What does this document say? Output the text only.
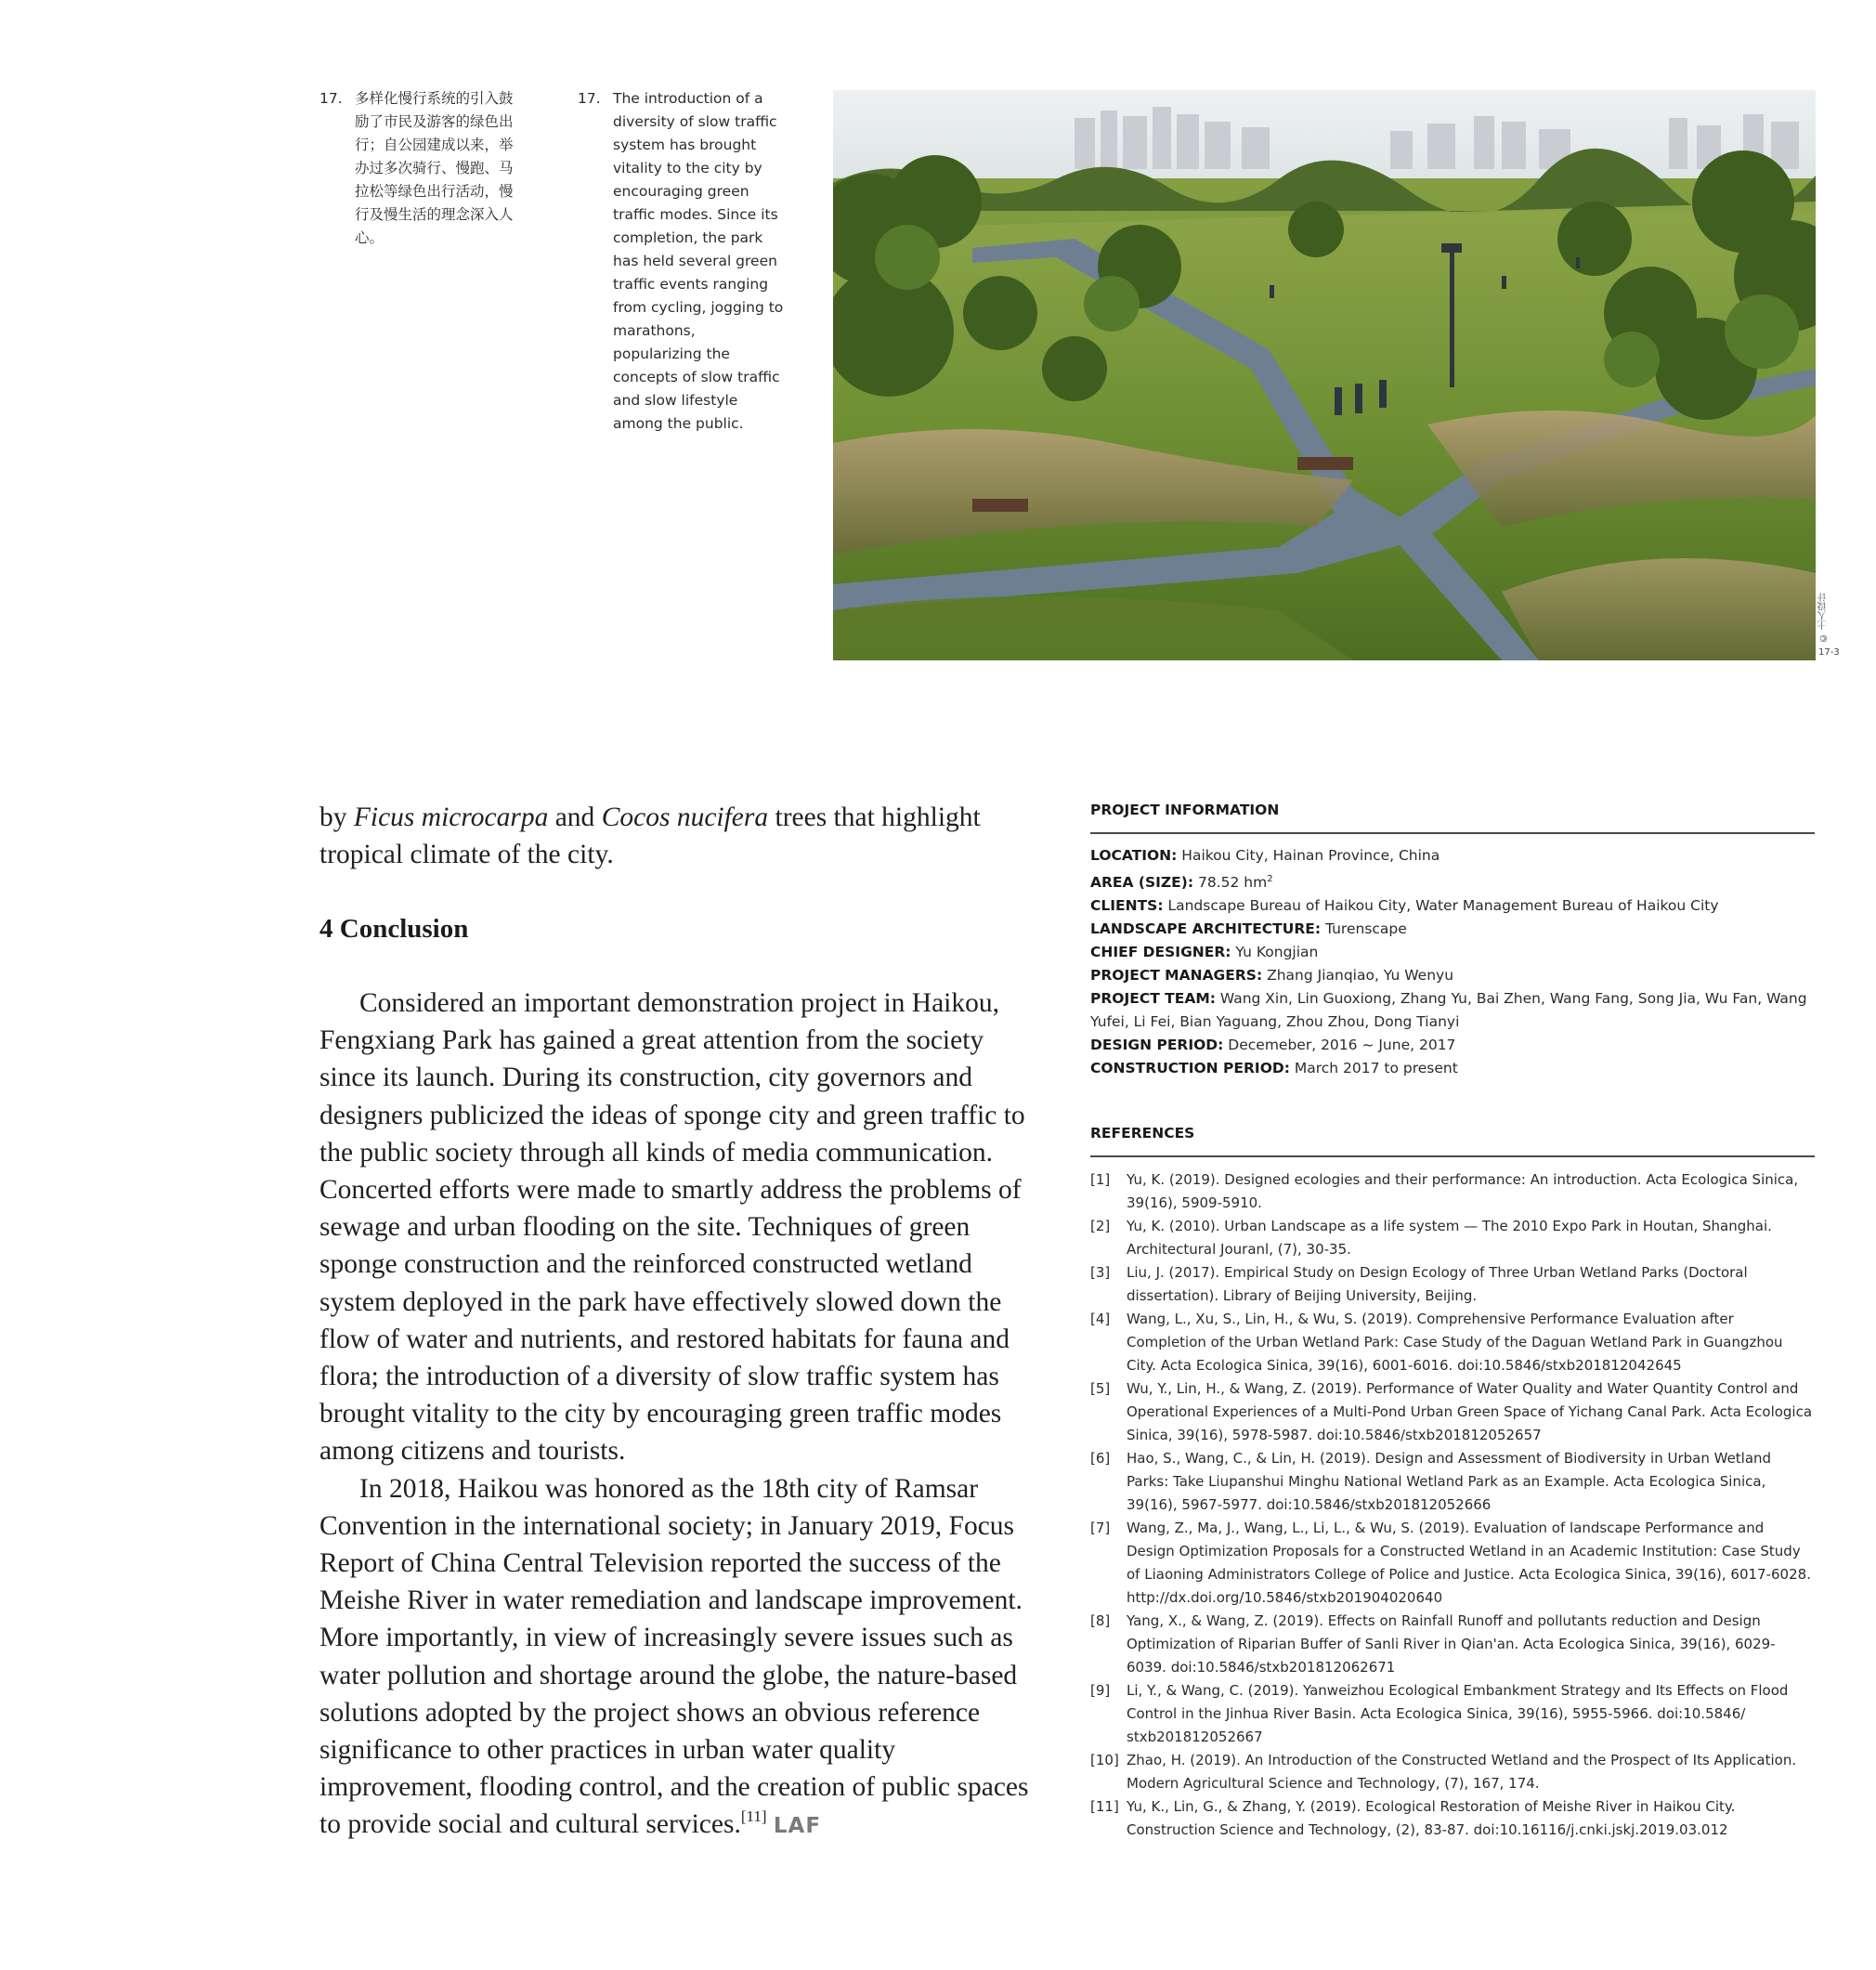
17. 多样化慢行系统的引入鼓励了市民及游客的绿色出行；自公园建成以来，举办过多次骑行、慢跑、马拉松等绿色出行活动，慢行及慢生活的理念深入人心。
17. The introduction of a diversity of slow traffic system has brought vitality to the city by encouraging green traffic modes. Since its completion, the park has held several green traffic events ranging from cycling, jogging to marathons, popularizing the concepts of slow traffic and slow lifestyle among the public.
© 土人设计
17-3

by Ficus microcarpa and Cocos nucifera trees that highlight tropical climate of the city.

4 Conclusion

Considered an important demonstration project in Haikou, Fengxiang Park has gained a great attention from the society since its launch. During its construction, city governors and designers publicized the ideas of sponge city and green traffic to the public society through all kinds of media communication. Concerted efforts were made to smartly address the problems of sewage and urban flooding on the site. Techniques of green sponge construction and the reinforced constructed wetland system deployed in the park have effectively slowed down the flow of water and nutrients, and restored habitats for fauna and flora; the introduction of a diversity of slow traffic system has brought vitality to the city by encouraging green traffic modes among citizens and tourists.

In 2018, Haikou was honored as the 18th city of Ramsar Convention in the international society; in January 2019, Focus Report of China Central Television reported the success of the Meishe River in water remediation and landscape improvement. More importantly, in view of increasingly severe issues such as water pollution and shortage around the globe, the nature-based solutions adopted by the project shows an obvious reference significance to other practices in urban water quality improvement, flooding control, and the creation of public spaces to provide social and cultural services.[11] LAF

PROJECT INFORMATION
LOCATION: Haikou City, Hainan Province, China
AREA (SIZE): 78.52 $hm^2$
CLIENTS: Landscape Bureau of Haikou City, Water Management Bureau of Haikou City
LANDSCAPE ARCHITECTURE: Turenscape
CHIEF DESIGNER: Yu Kongjian
PROJECT MANAGERS: Zhang Jianqiao, Yu Wenyu
PROJECT TEAM: Wang Xin, Lin Guoxiong, Zhang Yu, Bai Zhen, Wang Fang, Song Jia, Wu Fan, Wang Yufei, Li Fei, Bian Yaguang, Zhou Zhou, Dong Tianyi
DESIGN PERIOD: Decemeber, 2016 ~ June, 2017
CONSTRUCTION PERIOD: March 2017 to present
REFERENCES
[1] Yu, K. (2019). Designed ecologies and their performance: An introduction. Acta Ecologica Sinica, 39(16), 5909-5910.
[2] Yu, K. (2010). Urban Landscape as a life system — The 2010 Expo Park in Houtan, Shanghai. Architectural Jouranl, (7), 30-35.
[3] Liu, J. (2017). Empirical Study on Design Ecology of Three Urban Wetland Parks (Doctoral dissertation). Library of Beijing University, Beijing.
[4] Wang, L., Xu, S., Lin, H., & Wu, S. (2019). Comprehensive Performance Evaluation after Completion of the Urban Wetland Park: Case Study of the Daguan Wetland Park in Guangzhou City. Acta Ecologica Sinica, 39(16), 6001-6016. doi:10.5846/stxb201812042645
[5] Wu, Y., Lin, H., & Wang, Z. (2019). Performance of Water Quality and Water Quantity Control and Operational Experiences of a Multi-Pond Urban Green Space of Yichang Canal Park. Acta Ecologica Sinica, 39(16), 5978-5987. doi:10.5846/stxb201812052657
[6] Hao, S., Wang, C., & Lin, H. (2019). Design and Assessment of Biodiversity in Urban Wetland Parks: Take Liupanshui Minghu National Wetland Park as an Example. Acta Ecologica Sinica, 39(16), 5967-5977. doi:10.5846/stxb201812052666
[7] Wang, Z., Ma, J., Wang, L., Li, L., & Wu, S. (2019). Evaluation of landscape Performance and Design Optimization Proposals for a Constructed Wetland in an Academic Institution: Case Study of Liaoning Administrators College of Police and Justice. Acta Ecologica Sinica, 39(16), 6017-6028. http://dx.doi.org/10.5846/stxb201904020640
[8] Yang, X., & Wang, Z. (2019). Effects on Rainfall Runoff and pollutants reduction and Design Optimization of Riparian Buffer of Sanli River in Qian'an. Acta Ecologica Sinica, 39(16), 6029-6039. doi:10.5846/stxb201812062671
[9] Li, Y., & Wang, C. (2019). Yanweizhou Ecological Embankment Strategy and Its Effects on Flood Control in the Jinhua River Basin. Acta Ecologica Sinica, 39(16), 5955-5966. doi:10.5846/ stxb201812052667
[10] Zhao, H. (2019). An Introduction of the Constructed Wetland and the Prospect of Its Application. Modern Agricultural Science and Technology, (7), 167, 174.
[11] Yu, K., Lin, G., & Zhang, Y. (2019). Ecological Restoration of Meishe River in Haikou City. Construction Science and Technology, (2), 83-87. doi:10.16116/j.cnki.jskj.2019.03.012
